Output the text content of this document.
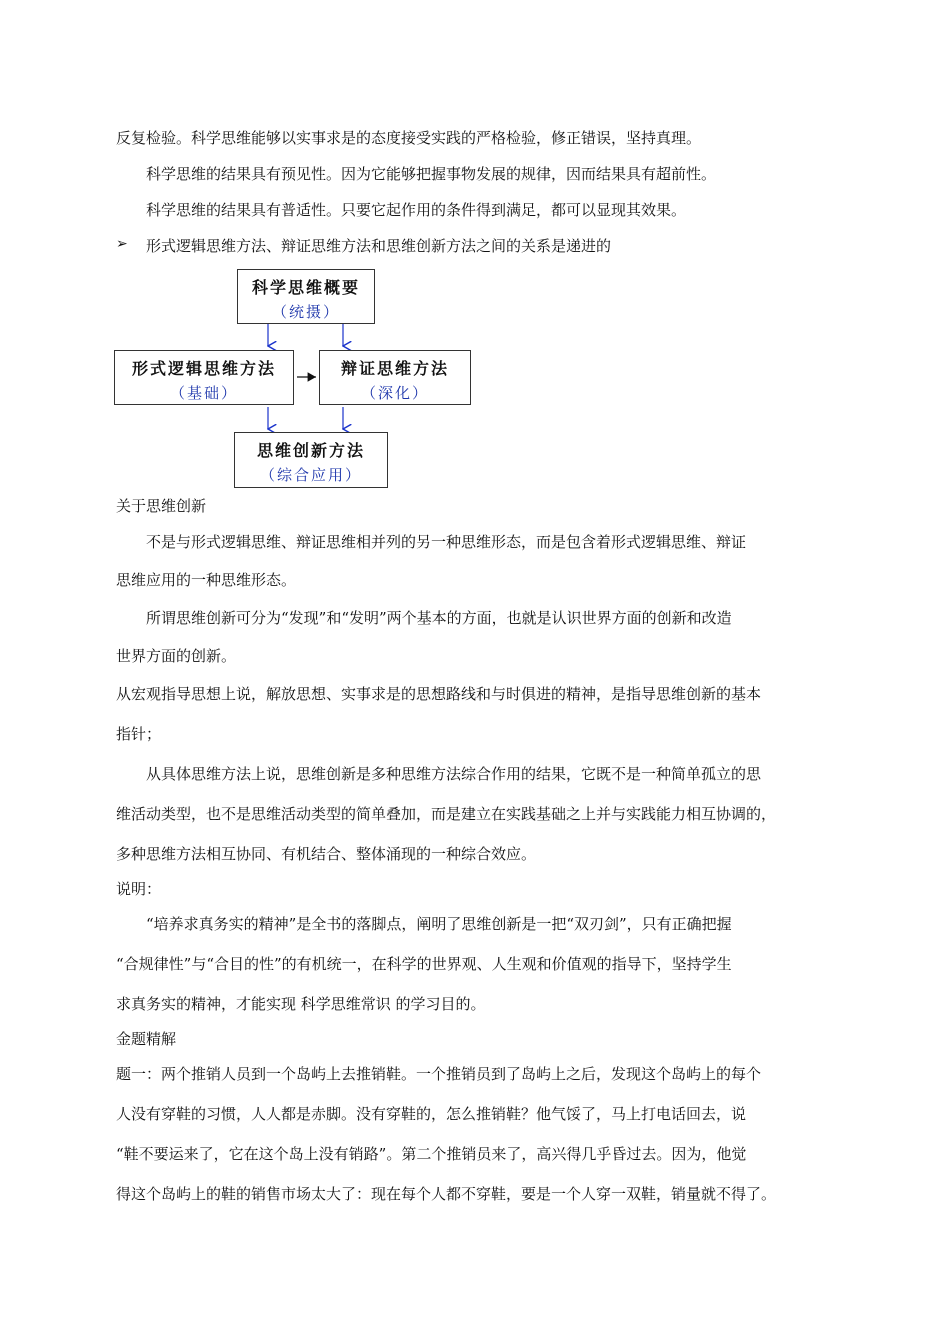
反复检验。科学思维能够以实事求是的态度接受实践的严格检验，修正错误，坚持真理。
科学思维的结果具有预见性。因为它能够把握事物发展的规律，因而结果具有超前性。
科学思维的结果具有普适性。只要它起作用的条件得到满足，都可以显现其效果。
➢ 形式逻辑思维方法、辩证思维方法和思维创新方法之间的关系是递进的
科学思维概要
（统摄）
形式逻辑思维方法
（基础）
辩证思维方法
（深化）
思维创新方法
（综合应用）
关于思维创新
不是与形式逻辑思维、辩证思维相并列的另一种思维形态，而是包含着形式逻辑思维、辩证
思维应用的一种思维形态。
所谓思维创新可分为“发现”和“发明”两个基本的方面，也就是认识世界方面的创新和改造
世界方面的创新。
从宏观指导思想上说，解放思想、实事求是的思想路线和与时俱进的精神，是指导思维创新的基本
指针；
从具体思维方法上说，思维创新是多种思维方法综合作用的结果，它既不是一种简单孤立的思
维活动类型，也不是思维活动类型的简单叠加，而是建立在实践基础之上并与实践能力相互协调的，
多种思维方法相互协同、有机结合、整体涌现的一种综合效应。
说明：
“培养求真务实的精神”是全书的落脚点，阐明了思维创新是一把“双刃剑”，只有正确把握
“合规律性”与“合目的性”的有机统一，在科学的世界观、人生观和价值观的指导下，坚持学生
求真务实的精神，才能实现 科学思维常识 的学习目的。
金题精解
题一：两个推销人员到一个岛屿上去推销鞋。一个推销员到了岛屿上之后，发现这个岛屿上的每个
人没有穿鞋的习惯，人人都是赤脚。没有穿鞋的，怎么推销鞋？他气馁了，马上打电话回去，说
“鞋不要运来了，它在这个岛上没有销路”。第二个推销员来了，高兴得几乎昏过去。因为，他觉
得这个岛屿上的鞋的销售市场太大了：现在每个人都不穿鞋，要是一个人穿一双鞋，销量就不得了。
